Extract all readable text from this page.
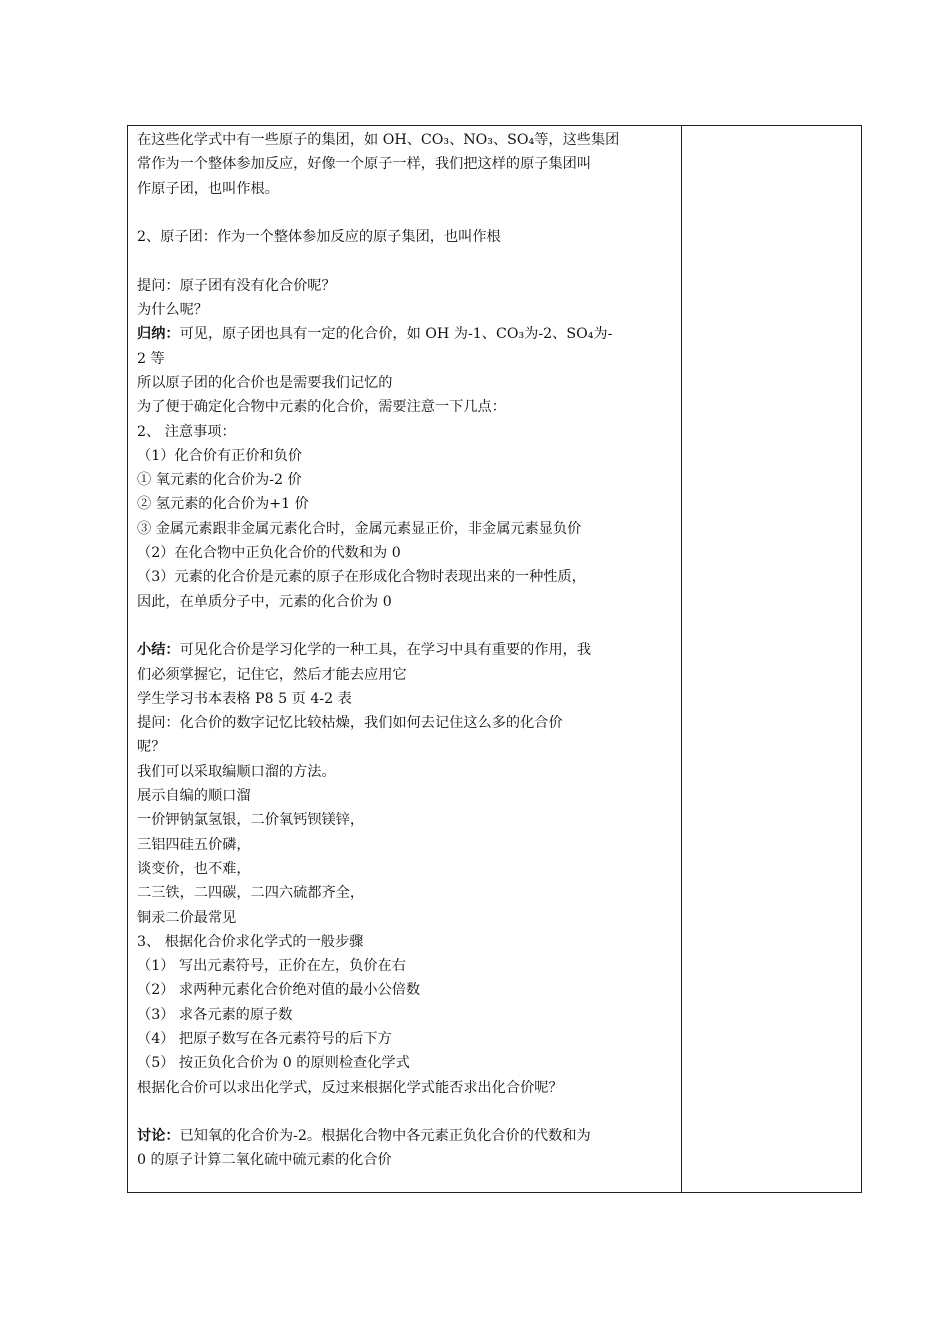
在这些化学式中有一些原子的集团，如 OH、CO₃、NO₃、SO₄等，这些集团
常作为一个整体参加反应，好像一个原子一样，我们把这样的原子集团叫
作原子团，也叫作根。
2、原子团：作为一个整体参加反应的原子集团，也叫作根
提问：原子团有没有化合价呢？
为什么呢？
归纳：可见，原子团也具有一定的化合价，如 OH 为-1、CO₃为-2、SO₄为-
2 等
所以原子团的化合价也是需要我们记忆的
为了便于确定化合物中元素的化合价，需要注意一下几点：
2、 注意事项：
（1）化合价有正价和负价
① 氧元素的化合价为-2 价
② 氢元素的化合价为+1 价
③ 金属元素跟非金属元素化合时，金属元素显正价，非金属元素显负价
（2）在化合物中正负化合价的代数和为 0
（3）元素的化合价是元素的原子在形成化合物时表现出来的一种性质，
因此，在单质分子中，元素的化合价为 0
小结：可见化合价是学习化学的一种工具，在学习中具有重要的作用，我
们必须掌握它，记住它，然后才能去应用它
学生学习书本表格 P8 5 页 4-2 表
提问：化合价的数字记忆比较枯燥，我们如何去记住这么多的化合价
呢？
我们可以采取编顺口溜的方法。
展示自编的顺口溜
一价钾钠氯氢银，二价氧钙钡镁锌，
三铝四硅五价磷，
谈变价，也不难，
二三铁，二四碳，二四六硫都齐全，
铜汞二价最常见
3、 根据化合价求化学式的一般步骤
（1） 写出元素符号，正价在左，负价在右
（2） 求两种元素化合价绝对值的最小公倍数
（3） 求各元素的原子数
（4） 把原子数写在各元素符号的后下方
（5） 按正负化合价为 0 的原则检查化学式
根据化合价可以求出化学式，反过来根据化学式能否求出化合价呢？
讨论：已知氧的化合价为-2。根据化合物中各元素正负化合价的代数和为
0 的原子计算二氧化硫中硫元素的化合价
